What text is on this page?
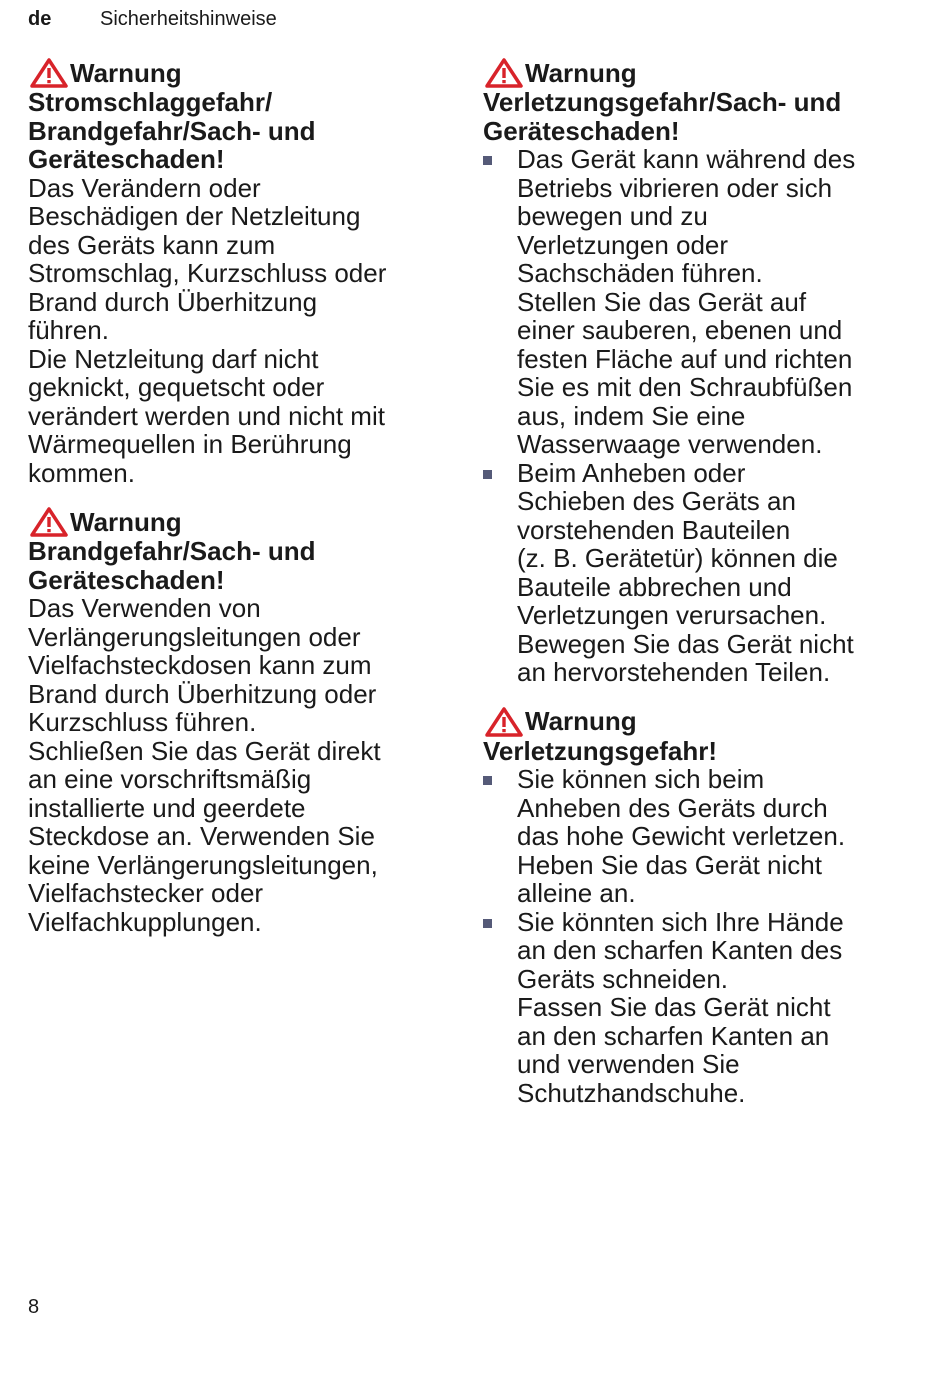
de Sicherheitshinweise
Warnung
Stromschlaggefahr/
Brandgefahr/Sach- und
Geräteschaden!
Das Verändern oder
Beschädigen der Netzleitung
des Geräts kann zum
Stromschlag, Kurzschluss oder
Brand durch Überhitzung
führen.
Die Netzleitung darf nicht
geknickt, gequetscht oder
verändert werden und nicht mit
Wärmequellen in Berührung
kommen.
Warnung
Brandgefahr/Sach- und
Geräteschaden!
Das Verwenden von
Verlängerungsleitungen oder
Vielfachsteckdosen kann zum
Brand durch Überhitzung oder
Kurzschluss führen.
Schließen Sie das Gerät direkt
an eine vorschriftsmäßig
installierte und geerdete
Steckdose an. Verwenden Sie
keine Verlängerungsleitungen,
Vielfachstecker oder
Vielfachkupplungen.
Warnung
Verletzungsgefahr/Sach- und
Geräteschaden!
Das Gerät kann während des
Betriebs vibrieren oder sich
bewegen und zu
Verletzungen oder
Sachschäden führen.
Stellen Sie das Gerät auf
einer sauberen, ebenen und
festen Fläche auf und richten
Sie es mit den Schraubfüßen
aus, indem Sie eine
Wasserwaage verwenden.
Beim Anheben oder
Schieben des Geräts an
vorstehenden Bauteilen
(z. B. Gerätetür) können die
Bauteile abbrechen und
Verletzungen verursachen.
Bewegen Sie das Gerät nicht
an hervorstehenden Teilen.
Warnung
Verletzungsgefahr!
Sie können sich beim
Anheben des Geräts durch
das hohe Gewicht verletzen.
Heben Sie das Gerät nicht
alleine an.
Sie könnten sich Ihre Hände
an den scharfen Kanten des
Geräts schneiden.
Fassen Sie das Gerät nicht
an den scharfen Kanten an
und verwenden Sie
Schutzhandschuhe.
8
